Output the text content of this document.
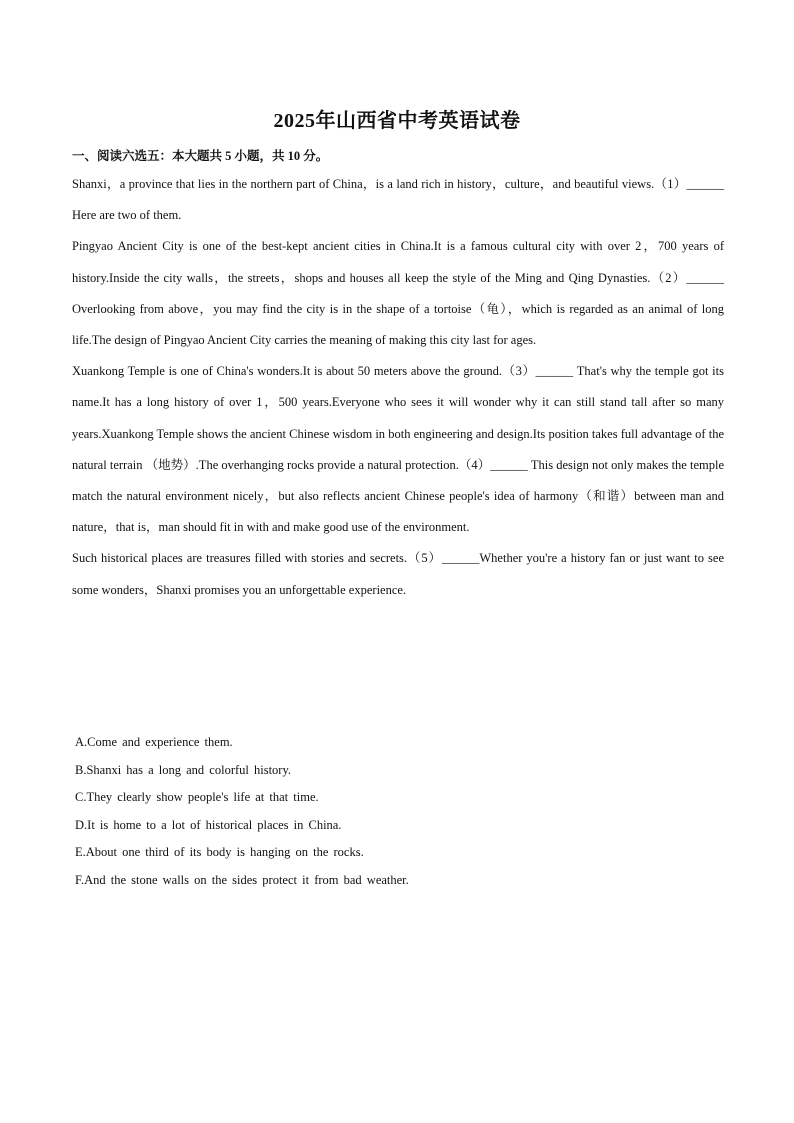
2025年山西省中考英语试卷
一、阅读六选五：本大题共 5 小题，共 10 分。

Shanxi，a province that lies in the northern part of China，is a land rich in history，culture，and beautiful views.（1）______ Here are two of them.

Pingyao Ancient City is one of the best-kept ancient cities in China.It is a famous cultural city with over 2，700 years of history.Inside the city walls，the streets，shops and houses all keep the style of the Ming and Qing Dynasties.（2）______ Overlooking from above，you may find the city is in the shape of a tortoise（龟），which is regarded as an animal of long life.The design of Pingyao Ancient City carries the meaning of making this city last for ages.

Xuankong Temple is one of China's wonders.It is about 50 meters above the ground.（3）______ That's why the temple got its name.It has a long history of over 1，500 years.Everyone who sees it will wonder why it can still stand tall after so many years.Xuankong Temple shows the ancient Chinese wisdom in both engineering and design.Its position takes full advantage of the natural terrain （地势）.The overhanging rocks provide a natural protection.（4）______ This design not only makes the temple match the natural environment nicely，but also reflects ancient Chinese people's idea of harmony（和谐）between man and nature，that is，man should fit in with and make good use of the environment.

Such historical places are treasures filled with stories and secrets.（5）______Whether you're a history fan or just want to see some wonders，Shanxi promises you an unforgettable experience.

A.Come and experience them.
B.Shanxi has a long and colorful history.
C.They clearly show people's life at that time.
D.It is home to a lot of historical places in China.
E.About one third of its body is hanging on the rocks.
F.And the stone walls on the sides protect it from bad weather.
